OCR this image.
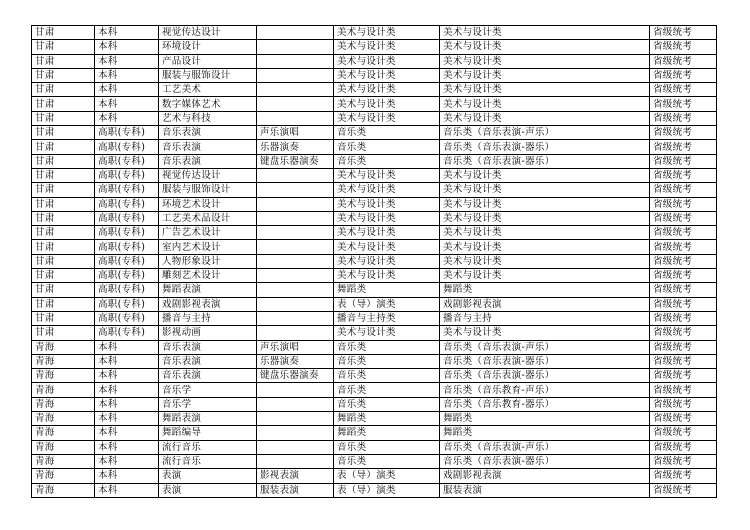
甘肃	本科	视觉传达设计		美术与设计类	美术与设计类	省级统考
甘肃	本科	环境设计		美术与设计类	美术与设计类	省级统考
甘肃	本科	产品设计		美术与设计类	美术与设计类	省级统考
甘肃	本科	服装与服饰设计		美术与设计类	美术与设计类	省级统考
甘肃	本科	工艺美术		美术与设计类	美术与设计类	省级统考
甘肃	本科	数字媒体艺术		美术与设计类	美术与设计类	省级统考
甘肃	本科	艺术与科技		美术与设计类	美术与设计类	省级统考
甘肃	高职(专科)	音乐表演	声乐演唱	音乐类	音乐类（音乐表演-声乐）	省级统考
甘肃	高职(专科)	音乐表演	乐器演奏	音乐类	音乐类（音乐表演-器乐）	省级统考
甘肃	高职(专科)	音乐表演	键盘乐器演奏	音乐类	音乐类（音乐表演-器乐）	省级统考
甘肃	高职(专科)	视觉传达设计		美术与设计类	美术与设计类	省级统考
甘肃	高职(专科)	服装与服饰设计		美术与设计类	美术与设计类	省级统考
甘肃	高职(专科)	环境艺术设计		美术与设计类	美术与设计类	省级统考
甘肃	高职(专科)	工艺美术品设计		美术与设计类	美术与设计类	省级统考
甘肃	高职(专科)	广告艺术设计		美术与设计类	美术与设计类	省级统考
甘肃	高职(专科)	室内艺术设计		美术与设计类	美术与设计类	省级统考
甘肃	高职(专科)	人物形象设计		美术与设计类	美术与设计类	省级统考
甘肃	高职(专科)	雕刻艺术设计		美术与设计类	美术与设计类	省级统考
甘肃	高职(专科)	舞蹈表演		舞蹈类	舞蹈类	省级统考
甘肃	高职(专科)	戏剧影视表演		表（导）演类	戏剧影视表演	省级统考
甘肃	高职(专科)	播音与主持		播音与主持类	播音与主持	省级统考
甘肃	高职(专科)	影视动画		美术与设计类	美术与设计类	省级统考
青海	本科	音乐表演	声乐演唱	音乐类	音乐类（音乐表演-声乐）	省级统考
青海	本科	音乐表演	乐器演奏	音乐类	音乐类（音乐表演-器乐）	省级统考
青海	本科	音乐表演	键盘乐器演奏	音乐类	音乐类（音乐表演-器乐）	省级统考
青海	本科	音乐学		音乐类	音乐类（音乐教育-声乐）	省级统考
青海	本科	音乐学		音乐类	音乐类（音乐教育-器乐）	省级统考
青海	本科	舞蹈表演		舞蹈类	舞蹈类	省级统考
青海	本科	舞蹈编导		舞蹈类	舞蹈类	省级统考
青海	本科	流行音乐		音乐类	音乐类（音乐表演-声乐）	省级统考
青海	本科	流行音乐		音乐类	音乐类（音乐表演-器乐）	省级统考
青海	本科	表演	影视表演	表（导）演类	戏剧影视表演	省级统考
青海	本科	表演	服装表演	表（导）演类	服装表演	省级统考
